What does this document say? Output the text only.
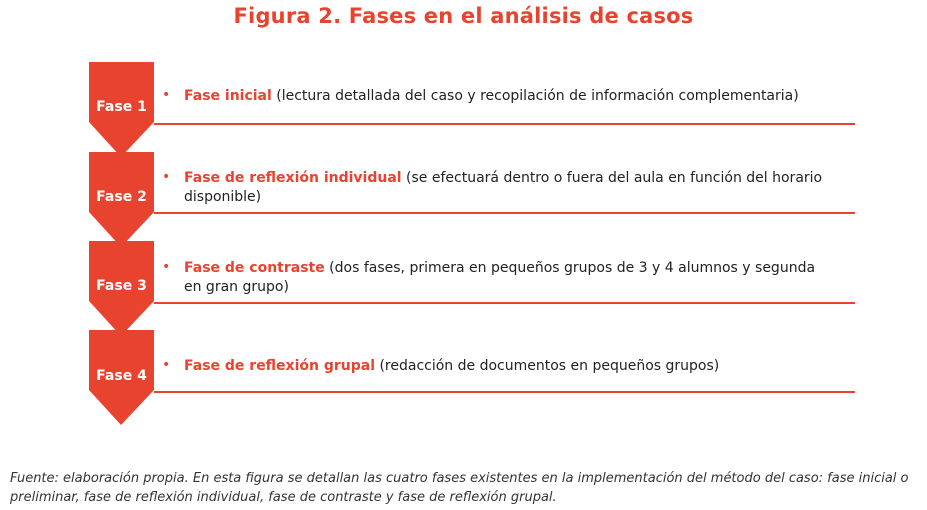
Figura 2. Fases en el análisis de casos
Fase 1
• Fase inicial (lectura detallada del caso y recopilación de información complementaria)
Fase 2
• Fase de reflexión individual (se efectuará dentro o fuera del aula en función del horario disponible)
Fase 3
• Fase de contraste (dos fases, primera en pequeños grupos de 3 y 4 alumnos y segunda en gran grupo)
Fase 4
• Fase de reflexión grupal (redacción de documentos en pequeños grupos)
Fuente: elaboración propia. En esta figura se detallan las cuatro fases existentes en la implementación del método del caso: fase inicial o preliminar, fase de reflexión individual, fase de contraste y fase de reflexión grupal.
